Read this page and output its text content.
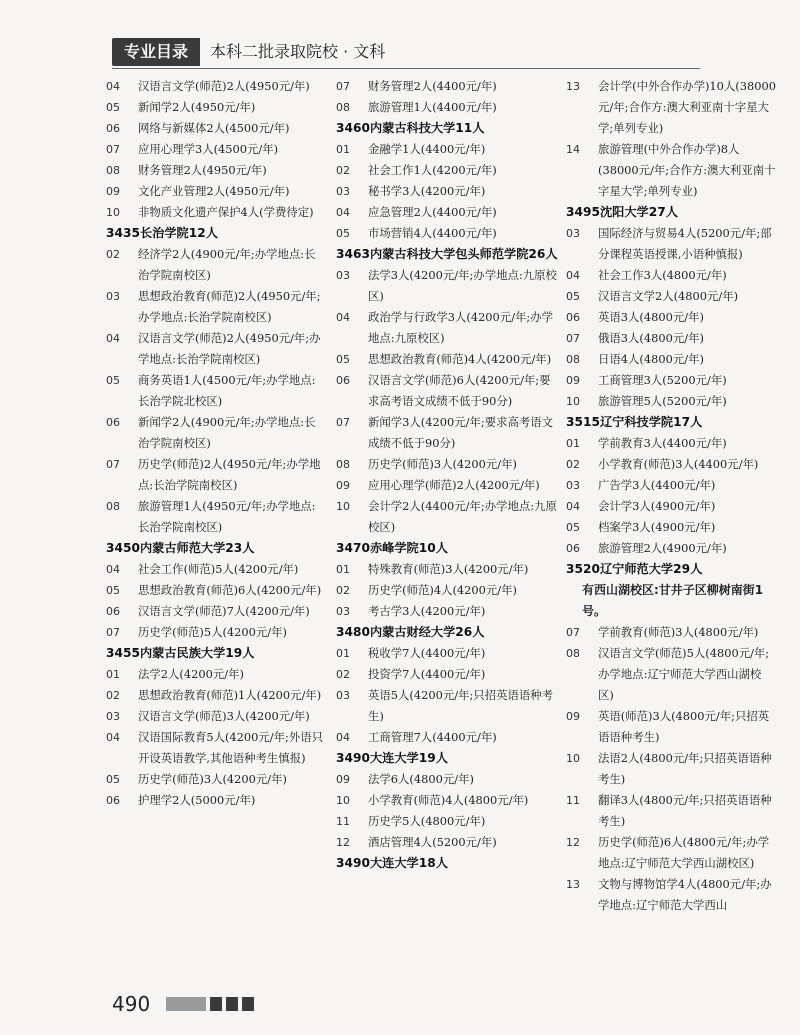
专业目录	本科二批录取院校 · 文科
04	汉语言文学(师范)2人(4950元/年)
05	新闻学2人(4950元/年)
06	网络与新媒体2人(4500元/年)
07	应用心理学3人(4500元/年)
08	财务管理2人(4950元/年)
09	文化产业管理2人(4950元/年)
10	非物质文化遗产保护4人(学费待定)
3435长治学院12人
02	经济学2人(4900元/年;办学地点:长治学院南校区)
03	思想政治教育(师范)2人(4950元/年;办学地点:长治学院南校区)
04	汉语言文学(师范)2人(4950元/年;办学地点:长治学院南校区)
05	商务英语1人(4500元/年;办学地点:长治学院北校区)
06	新闻学2人(4900元/年;办学地点:长治学院南校区)
07	历史学(师范)2人(4950元/年;办学地点:长治学院南校区)
08	旅游管理1人(4950元/年;办学地点:长治学院南校区)
3450内蒙古师范大学23人
04	社会工作(师范)5人(4200元/年)
05	思想政治教育(师范)6人(4200元/年)
06	汉语言文学(师范)7人(4200元/年)
07	历史学(师范)5人(4200元/年)
3455内蒙古民族大学19人
01	法学2人(4200元/年)
02	思想政治教育(师范)1人(4200元/年)
03	汉语言文学(师范)3人(4200元/年)
04	汉语国际教育5人(4200元/年;外语只开设英语教学,其他语种考生慎报)
05	历史学(师范)3人(4200元/年)
06	护理学2人(5000元/年)
07	财务管理2人(4400元/年)
08	旅游管理1人(4400元/年)
3460内蒙古科技大学11人
01	金融学1人(4400元/年)
02	社会工作1人(4200元/年)
03	秘书学3人(4200元/年)
04	应急管理2人(4400元/年)
05	市场营销4人(4400元/年)
3463内蒙古科技大学包头师范学院26人
03	法学3人(4200元/年;办学地点:九原校区)
04	政治学与行政学3人(4200元/年;办学地点:九原校区)
05	思想政治教育(师范)4人(4200元/年)
06	汉语言文学(师范)6人(4200元/年;要求高考语文成绩不低于90分)
07	新闻学3人(4200元/年;要求高考语文成绩不低于90分)
08	历史学(师范)3人(4200元/年)
09	应用心理学(师范)2人(4200元/年)
10	会计学2人(4400元/年;办学地点:九原校区)
3470赤峰学院10人
01	特殊教育(师范)3人(4200元/年)
02	历史学(师范)4人(4200元/年)
03	考古学3人(4200元/年)
3480内蒙古财经大学26人
01	税收学7人(4400元/年)
02	投资学7人(4400元/年)
03	英语5人(4200元/年;只招英语语种考生)
04	工商管理7人(4400元/年)
3490大连大学19人
09	法学6人(4800元/年)
10	小学教育(师范)4人(4800元/年)
11	历史学5人(4800元/年)
12	酒店管理4人(5200元/年)
3490大连大学18人
13	会计学(中外合作办学)10人(38000元/年;合作方:澳大利亚南十字星大学;单列专业)
14	旅游管理(中外合作办学)8人(38000元/年;合作方:澳大利亚南十字星大学;单列专业)
3495沈阳大学27人
03	国际经济与贸易4人(5200元/年;部分课程英语授课,小语种慎报)
04	社会工作3人(4800元/年)
05	汉语言文学2人(4800元/年)
06	英语3人(4800元/年)
07	俄语3人(4800元/年)
08	日语4人(4800元/年)
09	工商管理3人(5200元/年)
10	旅游管理5人(5200元/年)
3515辽宁科技学院17人
01	学前教育3人(4400元/年)
02	小学教育(师范)3人(4400元/年)
03	广告学3人(4400元/年)
04	会计学3人(4900元/年)
05	档案学3人(4900元/年)
06	旅游管理2人(4900元/年)
3520辽宁师范大学29人
有西山湖校区:甘井子区柳树南街1号。
07	学前教育(师范)3人(4800元/年)
08	汉语言文学(师范)5人(4800元/年;办学地点:辽宁师范大学西山湖校区)
09	英语(师范)3人(4800元/年;只招英语语种考生)
10	法语2人(4800元/年;只招英语语种考生)
11	翻译3人(4800元/年;只招英语语种考生)
12	历史学(师范)6人(4800元/年;办学地点:辽宁师范大学西山湖校区)
13	文物与博物馆学4人(4800元/年;办学地点:辽宁师范大学西山
490
